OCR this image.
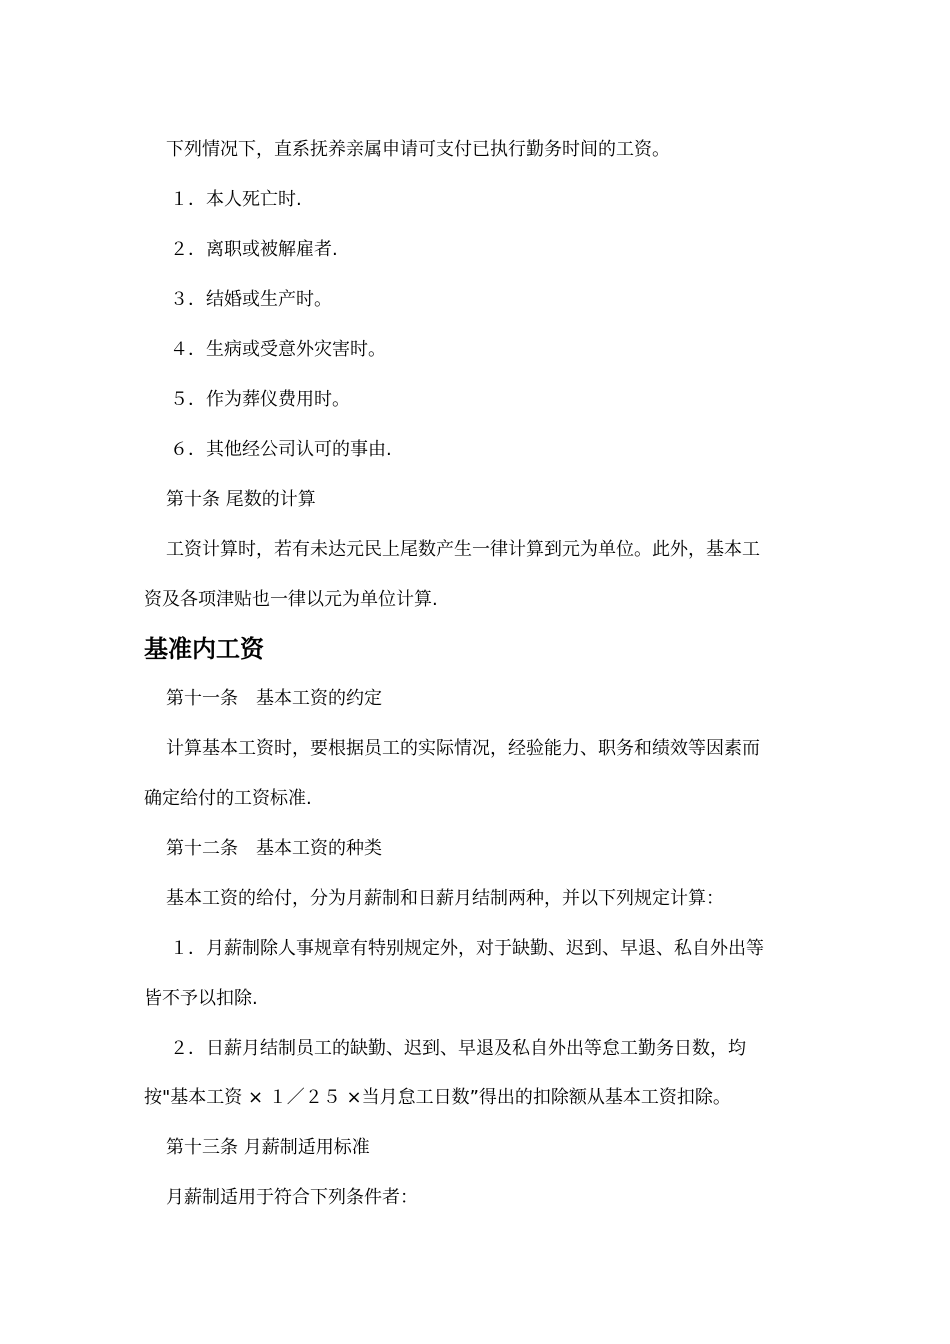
下列情况下，直系抚养亲属申请可支付已执行勤务时间的工资。
１．本人死亡时.
２．离职或被解雇者.
３．结婚或生产时。
４．生病或受意外灾害时。
５．作为葬仪费用时。
６．其他经公司认可的事由.
第十条 尾数的计算
工资计算时，若有未达元民上尾数产生一律计算到元为单位。此外，基本工
资及各项津贴也一律以元为单位计算.
基准内工资
第十一条　基本工资的约定
计算基本工资时，要根据员工的实际情况，经验能力、职务和绩效等因素而
确定给付的工资标准.
第十二条　基本工资的种类
基本工资的给付，分为月薪制和日薪月结制两种，并以下列规定计算：
１．月薪制除人事规章有特别规定外，对于缺勤、迟到、早退、私自外出等
皆不予以扣除.
２．日薪月结制员工的缺勤、迟到、早退及私自外出等怠工勤务日数，均
按"基本工资 × １／２５ ×当月怠工日数”得出的扣除额从基本工资扣除。
第十三条 月薪制适用标准
月薪制适用于符合下列条件者：
